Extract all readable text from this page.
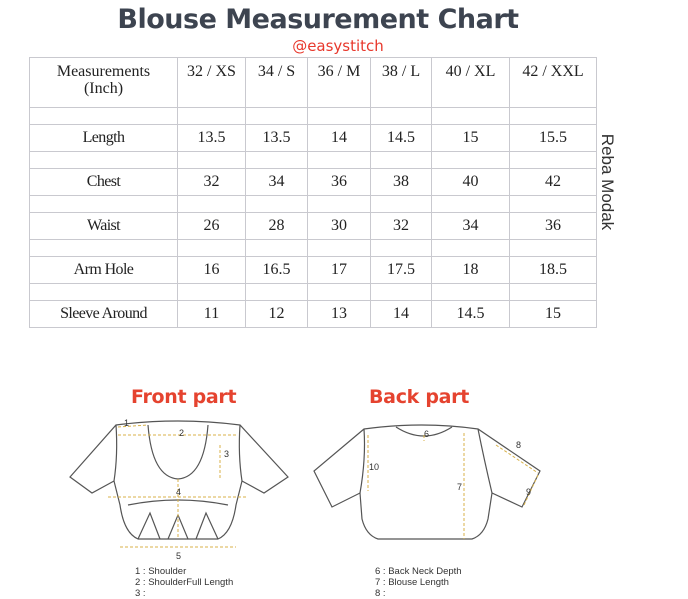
Blouse Measurement Chart
@easystitch
Reba Modak
Measurements
(Inch)	32 / XS	34 / S	36 / M	38 / L	40 / XL	42 / XXL

Length	13.5	13.5	14	14.5	15	15.5

Chest	32	34	36	38	40	42

Waist	26	28	30	32	34	36

Arm Hole	16	16.5	17	17.5	18	18.5

Sleeve Around	11	12	13	14	14.5	15
Front part	Back part
1
2
3
4
5
6
7
8
9
10
1 : Shoulder
2 : ShoulderFull Length
3 :
6 : Back Neck Depth
7 : Blouse Length
8 :
